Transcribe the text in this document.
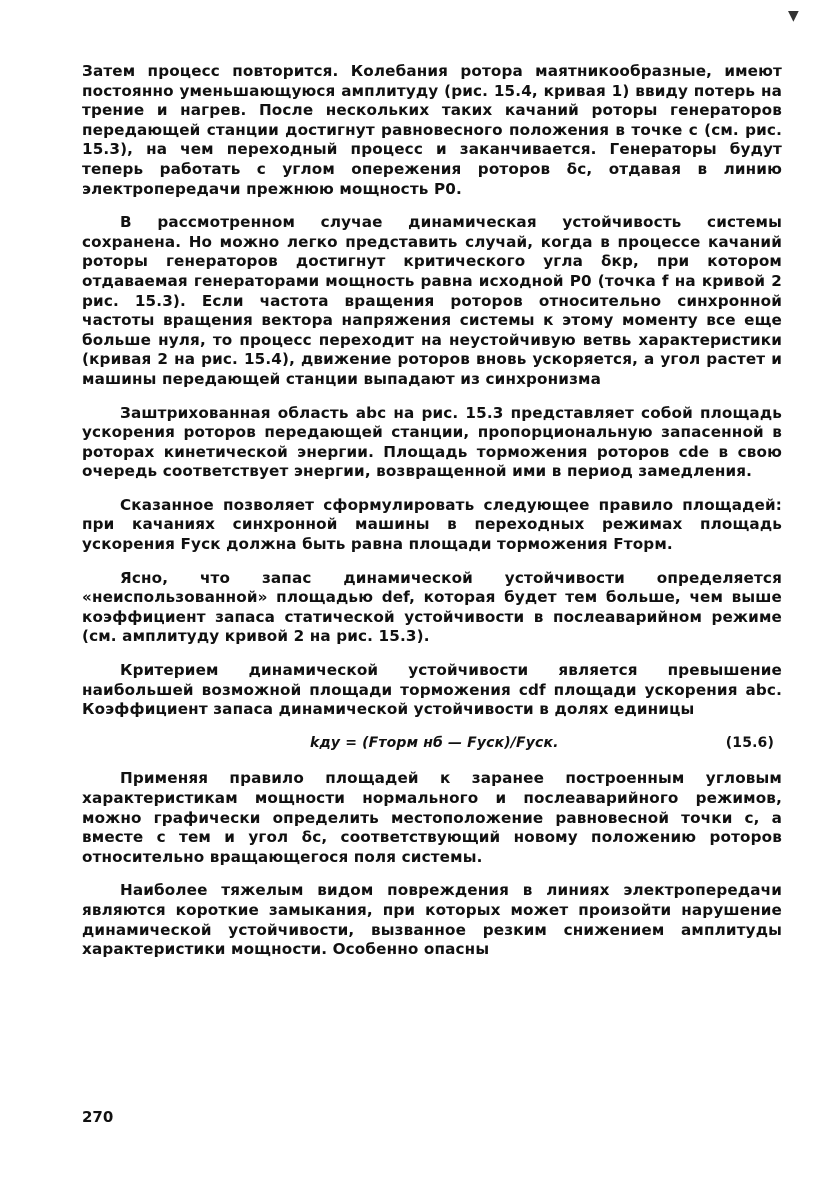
▼

Затем процесс повторится. Колебания ротора маятникообразные, имеют постоянно уменьшающуюся амплитуду (рис. 15.4, кривая 1) ввиду потерь на трение и нагрев. После нескольких таких качаний роторы генераторов передающей станции достигнут равновесного положения в точке с (см. рис. 15.3), на чем переходный процесс и заканчивается. Генераторы будут теперь работать с углом опережения роторов δс, отдавая в линию электропередачи прежнюю мощность P0.

В рассмотренном случае динамическая устойчивость системы сохранена. Но можно легко представить случай, когда в процессе качаний роторы генераторов достигнут критического угла δкр, при котором отдаваемая генераторами мощность равна исходной P0 (точка f на кривой 2 рис. 15.3). Если частота вращения роторов относительно синхронной частоты вращения вектора напряжения системы к этому моменту все еще больше нуля, то процесс переходит на неустойчивую ветвь характеристики (кривая 2 на рис. 15.4), движение роторов вновь ускоряется, а угол растет и машины передающей станции выпадают из синхронизма

Заштрихованная область abc на рис. 15.3 представляет собой площадь ускорения роторов передающей станции, пропорциональную запасенной в роторах кинетической энергии. Площадь торможения роторов cde в свою очередь соответствует энергии, возвращенной ими в период замедления.

Сказанное позволяет сформулировать следующее правило площадей: при качаниях синхронной машины в переходных режимах площадь ускорения Fуск должна быть равна площади торможения Fторм.

Ясно, что запас динамической устойчивости определяется «неиспользованной» площадью def, которая будет тем больше, чем выше коэффициент запаса статической устойчивости в послеаварийном режиме (см. амплитуду кривой 2 на рис. 15.3).

Критерием динамической устойчивости является превышение наибольшей возможной площади торможения cdf площади ускорения abc. Коэффициент запаса динамической устойчивости в долях единицы

kду = (Fторм нб — Fуск)/Fуск.	(15.6)

Применяя правило площадей к заранее построенным угловым характеристикам мощности нормального и послеаварийного режимов, можно графически определить местоположение равновесной точки с, а вместе с тем и угол δс, соответствующий новому положению роторов относительно вращающегося поля системы.

Наиболее тяжелым видом повреждения в линиях электропередачи являются короткие замыкания, при которых может произойти нарушение динамической устойчивости, вызванное резким снижением амплитуды характеристики мощности. Особенно опасны

270
